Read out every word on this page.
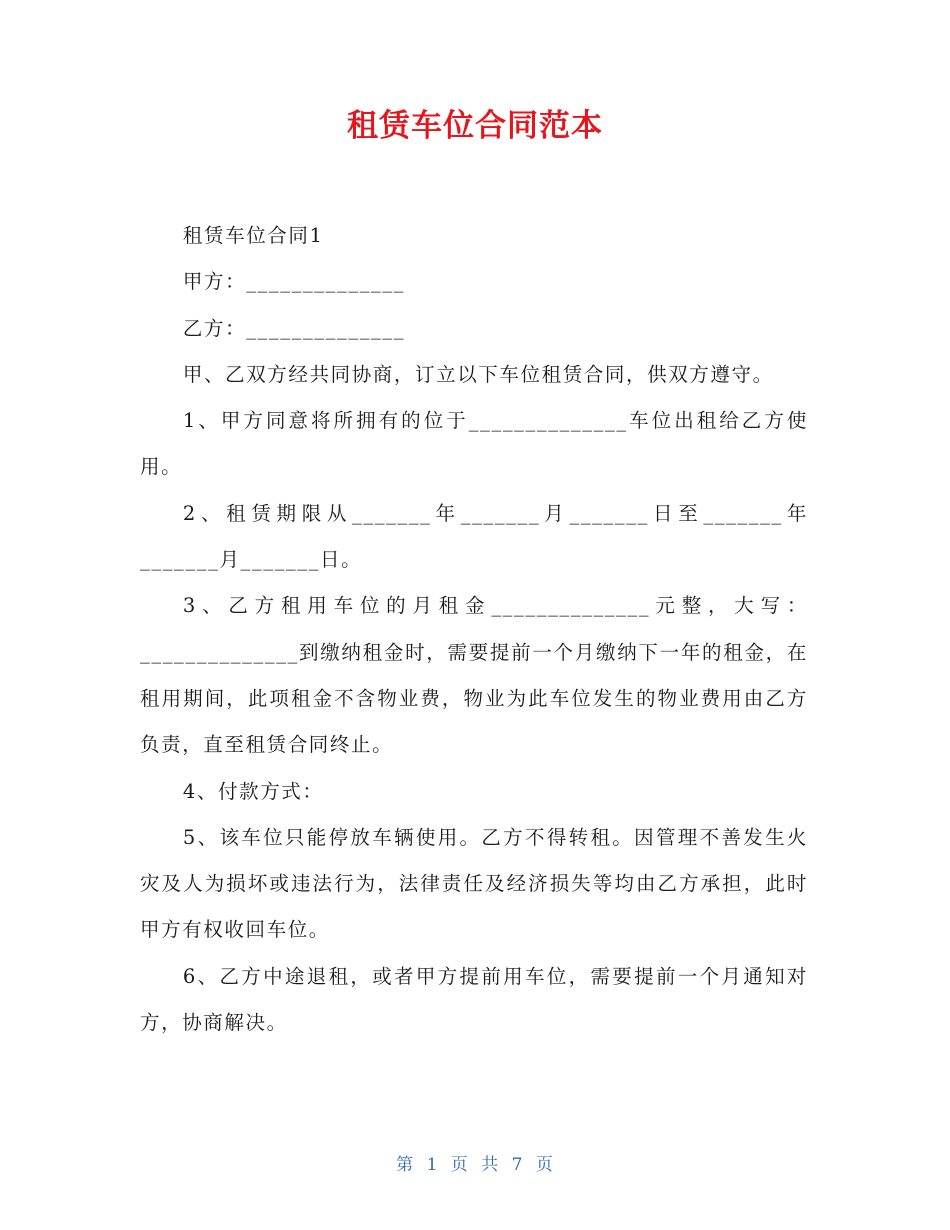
租赁车位合同范本

租赁车位合同1

甲方：______________

乙方：______________

甲、乙双方经共同协商，订立以下车位租赁合同，供双方遵守。

1、甲方同意将所拥有的位于______________车位出租给乙方使用。

2、租赁期限从_______年_______月_______日至_______年_______月_______日。

3、乙方租用车位的月租金______________元整，大写：______________到缴纳租金时，需要提前一个月缴纳下一年的租金，在租用期间，此项租金不含物业费，物业为此车位发生的物业费用由乙方负责，直至租赁合同终止。

4、付款方式：

5、该车位只能停放车辆使用。乙方不得转租。因管理不善发生火灾及人为损坏或违法行为，法律责任及经济损失等均由乙方承担，此时甲方有权收回车位。

6、乙方中途退租，或者甲方提前用车位，需要提前一个月通知对方，协商解决。

第 1 页 共 7 页
